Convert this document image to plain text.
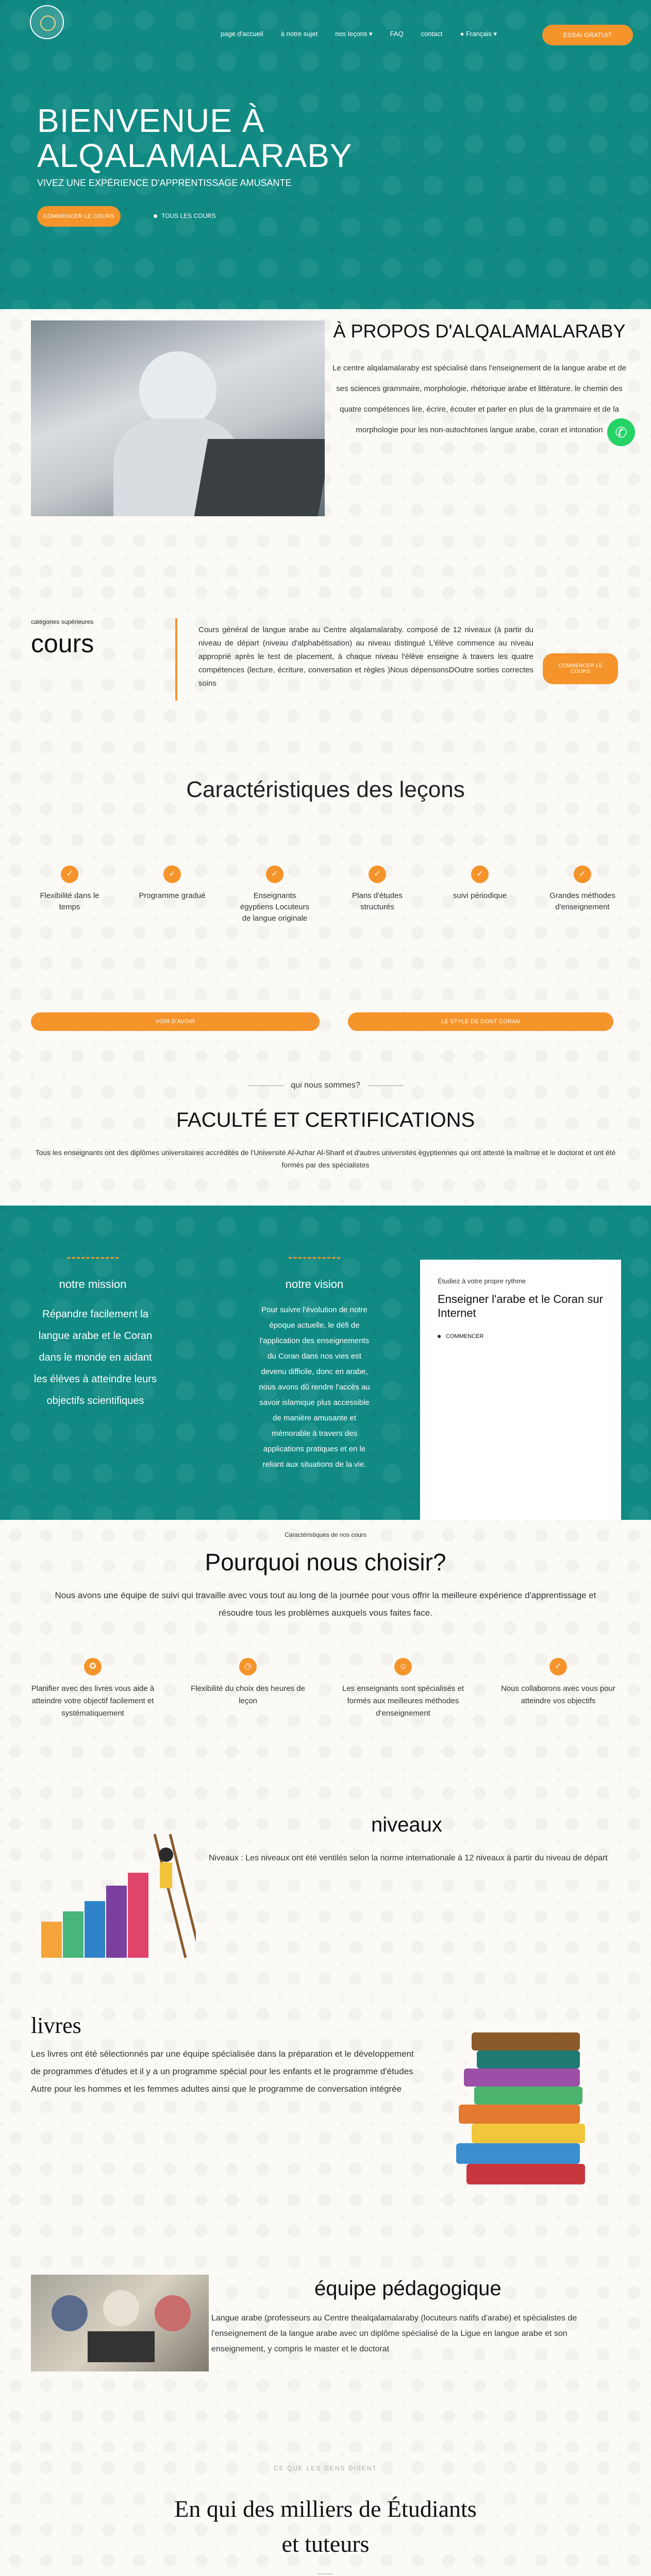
page d'accueil	à notre sujet	nos leçons ▾	FAQ	contact	● Français ▾	ESSAI GRATUIT
BIENVENUE À ALQALAMALARABY
VIVEZ UNE EXPÉRIENCE D'APPRENTISSAGE AMUSANTE
COMMENCER LE COURS	TOUS LES COURS
À PROPOS D'ALQALAMALARABY

Le centre alqalamalaraby est spécialisé dans l'enseignement de la langue arabe et de ses sciences grammaire, morphologie, rhétorique arabe et littérature. le chemin des quatre compétences lire, écrire, écouter et parler en plus de la grammaire et de la morphologie pour les non-autochtones langue arabe, coran et intonation ✆
catégories supérieures
cours	Cours général de langue arabe au Centre alqalamalaraby. composé de 12 niveaux (à partir du niveau de départ (niveau d'alphabétisation) au niveau distingué L'élève commence au niveau approprié après le test de placement, à chaque niveau l'élève enseigne à travers les quatre compétences (lecture, écriture, conversation et règles )Nous dépensonsDOutre sorties correctes soins

COMMENCER LE COURS
Caractéristiques des leçons
✓
Flexibilité dans le temps
✓
Programme gradué
✓
Enseignants égyptiens Locuteurs de langue originale
✓
Plans d'études structurés
✓
suivi périodique
✓
Grandes méthodes d'enseignement
VOIR D'AVOIR	LE STYLE DE DONT CORAN
qui nous sommes?
FACULTÉ ET CERTIFICATIONS

Tous les enseignants ont des diplômes universitaires accrédités de l'Université Al-Azhar Al-Sharif et d'autres universités égyptiennes qui ont attesté la maîtrise et le doctorat et ont été formés par des spécialistes

notre mission

Répandre facilement la langue arabe et le Coran dans le monde en aidant les élèves à atteindre leurs objectifs scientifiques

notre vision

Pour suivre l'évolution de notre époque actuelle, le défi de l'application des enseignements du Coran dans nos vies est devenu difficile, donc en arabe, nous avons dû rendre l'accès au savoir islamique plus accessible de manière amusante et mémorable à travers des applications pratiques et en le reliant aux situations de la vie.

Étudiez à votre propre rythme
Enseigner l'arabe et le Coran sur Internet
COMMENCER
Caractéristiques de nos cours
Pourquoi nous choisir?

Nous avons une équipe de suivi qui travaille avec vous tout au long de la journée pour vous offrir la meilleure expérience d'apprentissage et résoudre tous les problèmes auxquels vous faites face.

✪
Planifier avec des livres vous aide à atteindre votre objectif facilement et systématiquement
◷
Flexibilité du choix des heures de leçon
☺
Les enseignants sont spécialisés et formés aux meilleures méthodes d'enseignement
✓
Nous collaborons avec vous pour atteindre vos objectifs
niveaux

Niveaux : Les niveaux ont été ventilés selon la norme internationale à 12 niveaux à partir du niveau de départ

livres

Les livres ont été sélectionnés par une équipe spécialisée dans la préparation et le développement de programmes d'études et il y a un programme spécial pour les enfants et le programme d'études Autre pour les hommes et les femmes adultes ainsi que le programme de conversation intégrée

équipe pédagogique

Langue arabe (professeurs au Centre thealqalamalaraby (locuteurs natifs d'arabe) et spécialistes de l'enseignement de la langue arabe avec un diplôme spécialisé de la Ligue en langue arabe et son enseignement, y compris le master et le doctorat

CE QUE LES GENS DISENT
En qui des milliers de Étudiants et tuteurs
